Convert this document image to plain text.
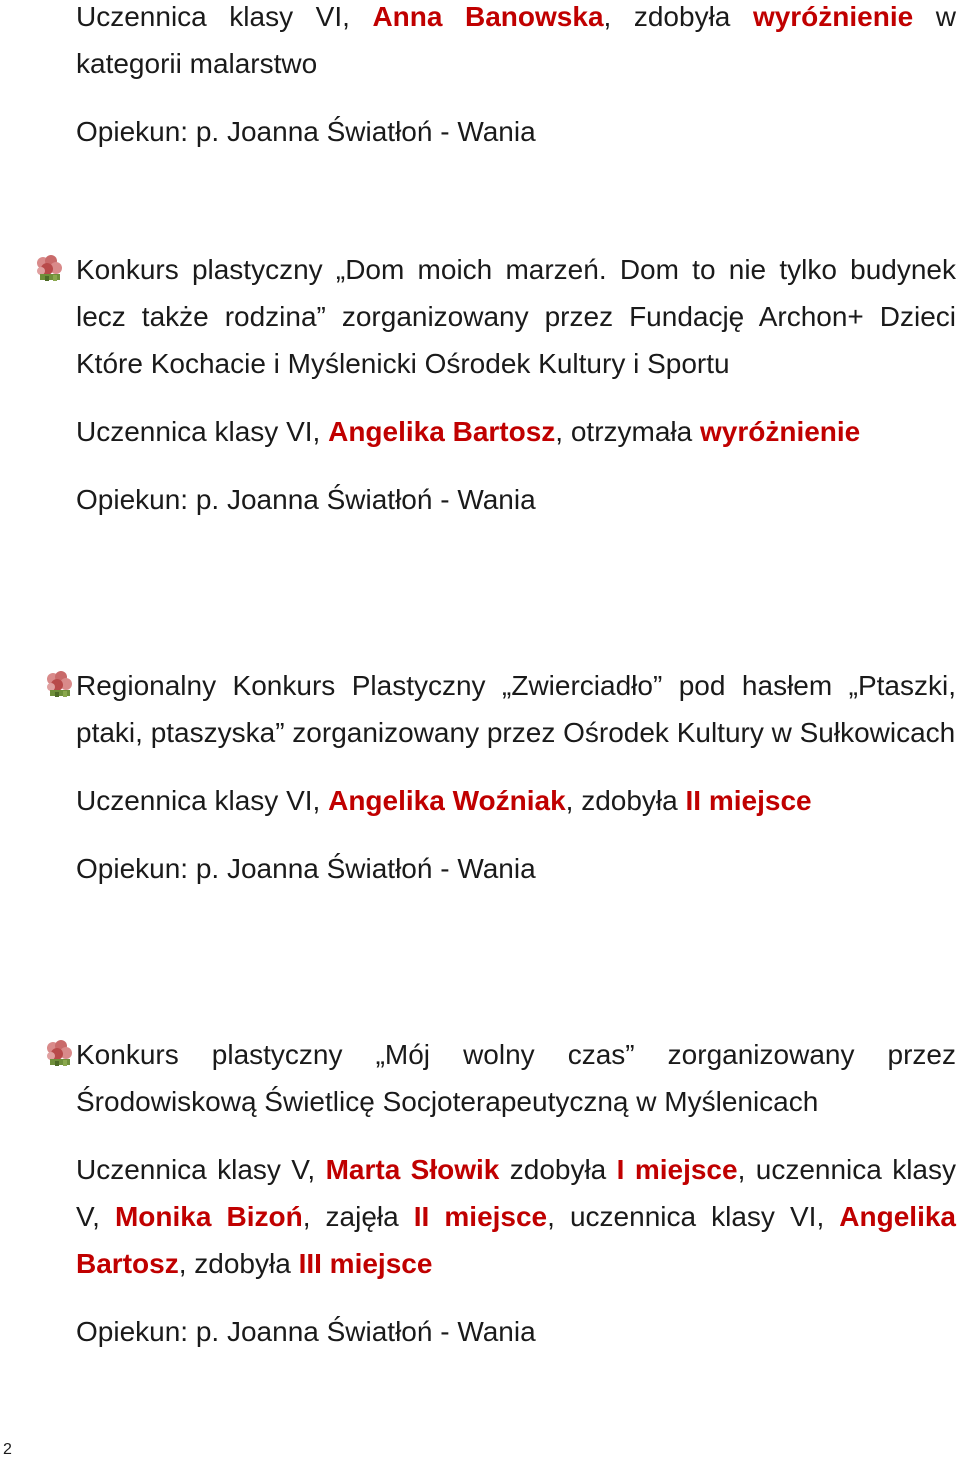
Uczennica klasy VI, Anna Banowska, zdobyła wyróżnienie w kategorii malarstwo

Opiekun: p. Joanna Światłoń - Wania

Konkurs plastyczny „Dom moich marzeń. Dom to nie tylko budynek lecz także rodzina” zorganizowany przez Fundację Archon+ Dzieci Które Kochacie i Myślenicki Ośrodek Kultury i Sportu

Uczennica klasy VI, Angelika Bartosz, otrzymała wyróżnienie

Opiekun: p. Joanna Światłoń - Wania

Regionalny Konkurs Plastyczny „Zwierciadło” pod hasłem „Ptaszki, ptaki, ptaszyska” zorganizowany przez Ośrodek Kultury w Sułkowicach

Uczennica klasy VI, Angelika Woźniak, zdobyła II miejsce

Opiekun: p. Joanna Światłoń - Wania

Konkurs plastyczny „Mój wolny czas” zorganizowany przez Środowiskową Świetlicę Socjoterapeutyczną w Myślenicach

Uczennica klasy V, Marta Słowik zdobyła I miejsce, uczennica klasy V, Monika Bizoń, zajęła II miejsce, uczennica klasy VI, Angelika Bartosz, zdobyła III miejsce

Opiekun: p. Joanna Światłoń - Wania

2
